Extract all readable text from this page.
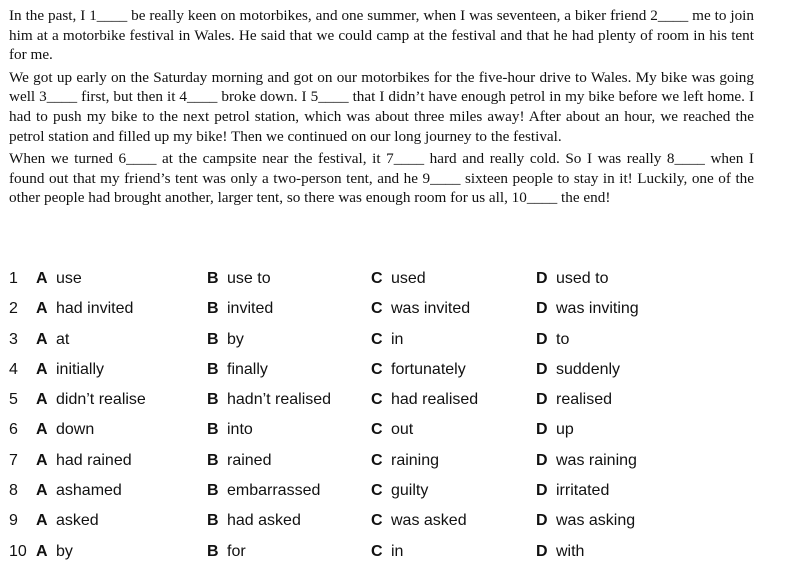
In the past, I 1____ be really keen on motorbikes, and one summer, when I was seventeen, a biker friend 2____ me to join him at a motorbike festival in Wales. He said that we could camp at the festival and that he had plenty of room in his tent for me.

We got up early on the Saturday morning and got on our motorbikes for the five-hour drive to Wales. My bike was going well 3____ first, but then it 4____ broke down. I 5____ that I didn’t have enough petrol in my bike before we left home. I had to push my bike to the next petrol station, which was about three miles away! After about an hour, we reached the petrol station and filled up my bike! Then we continued on our long journey to the festival.

When we turned 6____ at the campsite near the festival, it 7____ hard and really cold. So I was really 8____ when I found out that my friend’s tent was only a two-person tent, and he 9____ sixteen people to stay in it! Luckily, one of the other people had brought another, larger tent, so there was enough room for us all, 10____ the end!

1 A use	B use to	C used	D used to
2 A had invited	B invited	C was invited	D was inviting
3 A at	B by	C in	D to
4 A initially	B finally	C fortunately	D suddenly
5 A didn’t realise	B hadn’t realised C had realised	D realised
6 A down	B into	C out	D up
7 A had rained	B rained	C raining	D was raining
8 A ashamed	B embarrassed	C guilty	D irritated
9 A asked	B had asked	C was asked	D was asking
10 A by	B for	C in	D with
